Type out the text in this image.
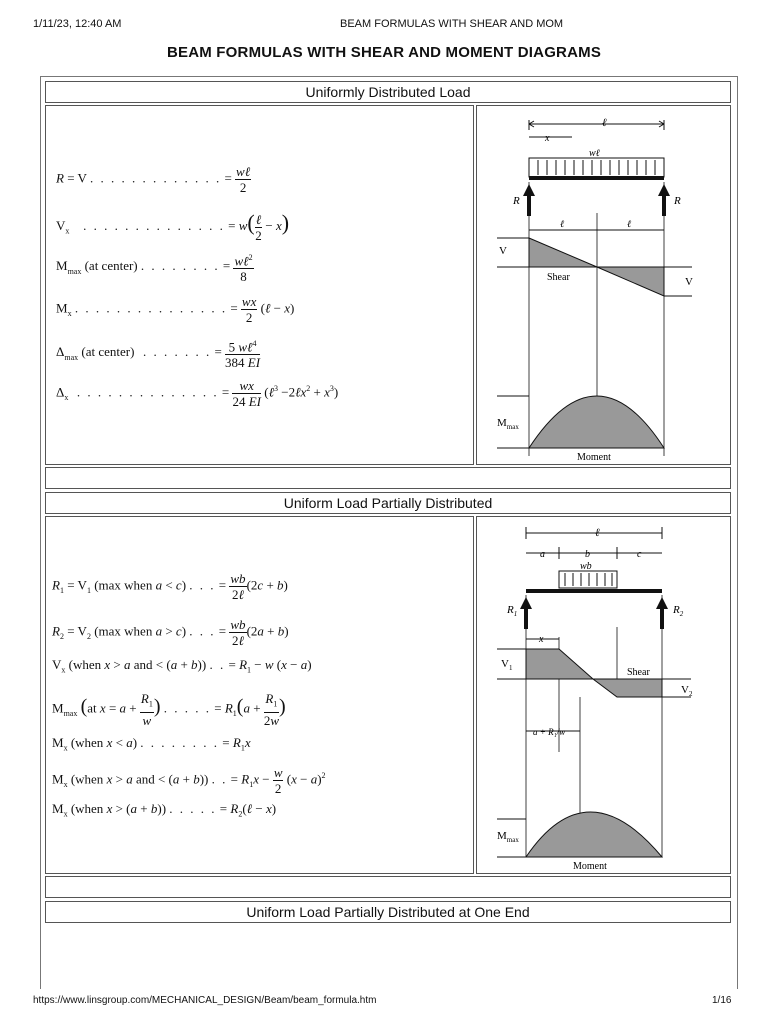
1/11/23, 12:40 AM	BEAM FORMULAS WITH SHEAR AND MOM
BEAM FORMULAS WITH SHEAR AND MOMENT DIAGRAMS
Uniformly Distributed Load
R = V . . . . . . . . . . . . . = wℓ
2
$V_x$   . . . . . . . . . . . . . . = w( ℓ
2
− x)
$M_{max}$ (at center) . . . . . . . . = wℓ$^2$
8
$M_x$ . . . . . . . . . . . . . . . = $\frac{wx}{2}$ (ℓ − x)
$\Delta_{max}$ (at center)  . . . . . . . = 5 wℓ$^4$
384 EI
$\Delta_x$  . . . . . . . . . . . . . . = $\frac{wx}{24 EI}$ (ℓ$^3$ −2ℓx$^2$ + $x^3$)
ℓ
x
wℓ
R	R
ℓ	ℓ
V
V
Shear
$M_{max}$
Moment
Uniform Load Partially Distributed
$R_1 = V_1$ (max when a < c) . . . = wb
2ℓ
(2c + b)
$R_2 = V_2$ (max when a > c) . . . = wb
2ℓ
(2a + b)
$V_x$ (when x > a and < (a + b)) . . = $R_1 - w$ (x − a)
$M_{max}$ (at $x = a + \frac{R_1}{w}$ ) . . . . . = $R_1(a + \frac{R_1}{2w}$ )
$M_x$ (when x < a) . . . . . . . . = $R_1x$
$M_x$ (when x > a and < (a + b)) . . = $R_1x - \frac{w}{2} (x - a)^2$
$M_x$ (when x > (a + b)) . . . . . = $R_2(\ell - x)$
ℓ
a	b	c
wb
$R_1$	$R_2$
x
$V_1$
$V_2$
Shear
a + R₁/w
$M_{max}$
Moment
Uniform Load Partially Distributed at One End
https://www.linsgroup.com/MECHANICAL_DESIGN/Beam/beam_formula.htm	1/16
